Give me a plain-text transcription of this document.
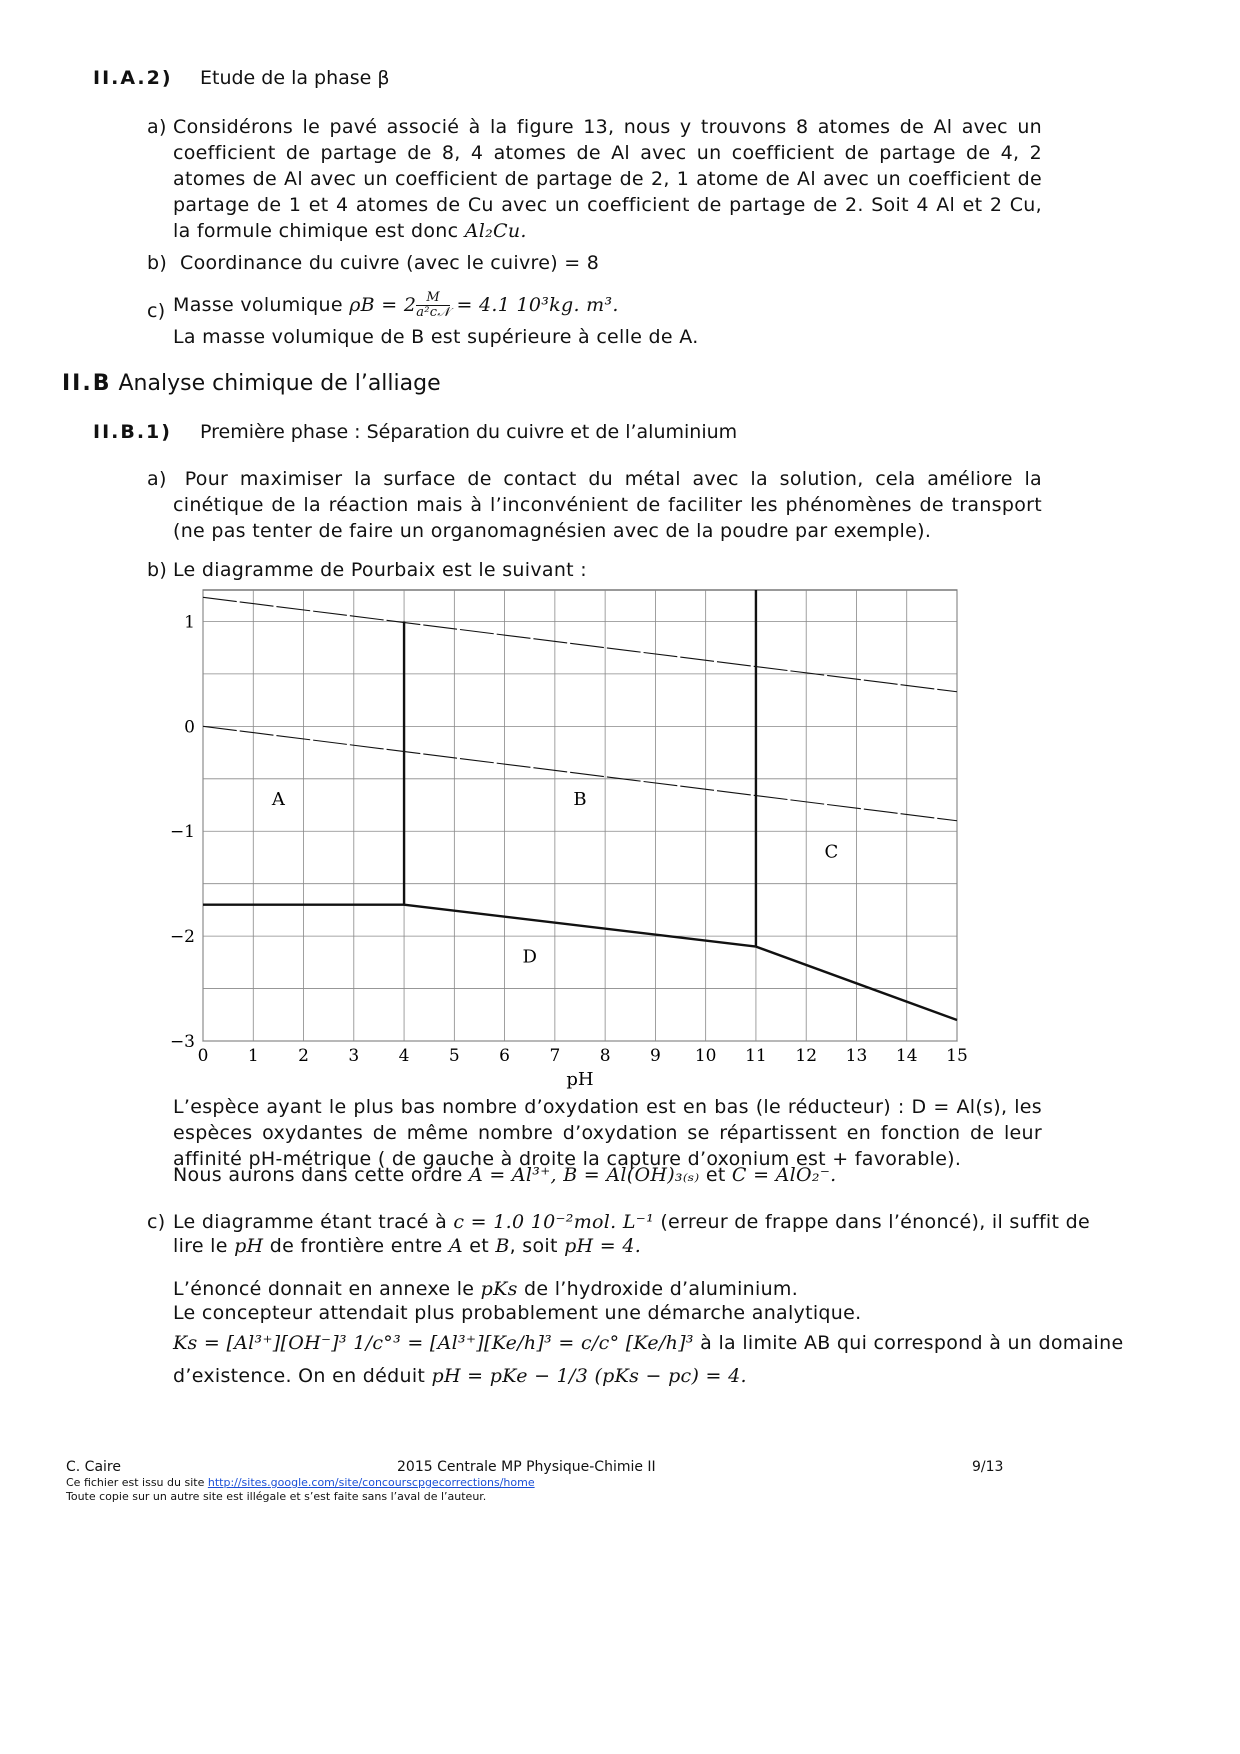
II.A.2) Etude de la phase β
a) Considérons le pavé associé à la figure 13, nous y trouvons 8 atomes de Al avec un coefficient de partage de 8, 4 atomes de Al avec un coefficient de partage de 4, 2 atomes de Al avec un coefficient de partage de 2, 1 atome de Al avec un coefficient de partage de 1 et 4 atomes de Cu avec un coefficient de partage de 2. Soit 4 Al et 2 Cu, la formule chimique est donc Al₂Cu.
b) Coordinance du cuivre (avec le cuivre) = 8
c) Masse volumique $\rho B = 2 \frac{M}{\text{a²c𝒩}} = 4.1$ 10³kg. m³.
La masse volumique de B est supérieure à celle de A.
II.B Analyse chimique de l’alliage
II.B.1) Première phase : Séparation du cuivre et de l’aluminium
a) Pour maximiser la surface de contact du métal avec la solution, cela améliore la cinétique de la réaction mais à l’inconvénient de faciliter les phénomènes de transport (ne pas tenter de faire un organomagnésien avec de la poudre par exemple).
b) Le diagramme de Pourbaix est le suivant :
0 1 2 3 4 5 6 7 8 9 10 11 12 13 14 15
1
0
−1
−2
−3
A	B
C
D
pH
L’espèce ayant le plus bas nombre d’oxydation est en bas (le réducteur) : D = Al(s), les espèces oxydantes de même nombre d’oxydation se répartissent en fonction de leur affinité pH-métrique ( de gauche à droite la capture d’oxonium est + favorable).
Nous aurons dans cette ordre A = Al³⁺, B = Al(OH)₃₍ₛ₎ et C = AlO₂⁻.
c) Le diagramme étant tracé à c = 1.0 10⁻²mol. L⁻¹ (erreur de frappe dans l’énoncé), il suffit de
lire le pH de frontière entre A et B, soit pH = 4.
L’énoncé donnait en annexe le pKs de l’hydroxide d’aluminium.
Le concepteur attendait plus probablement une démarche analytique.
Ks = [Al³⁺][OH⁻]³ 1/c°³ = [Al³⁺][Ke/h]³ = c/c° [Ke/h]³ à la limite AB qui correspond à un domaine
d’existence. On en déduit pH = pKe − 1/3 (pKs − pc) = 4.
C. Caire	2015 Centrale MP Physique-Chimie II	9/13
Ce fichier est issu du site http://sites.google.com/site/concourscpgecorrections/home
Toute copie sur un autre site est illégale et s’est faite sans l’aval de l’auteur.
